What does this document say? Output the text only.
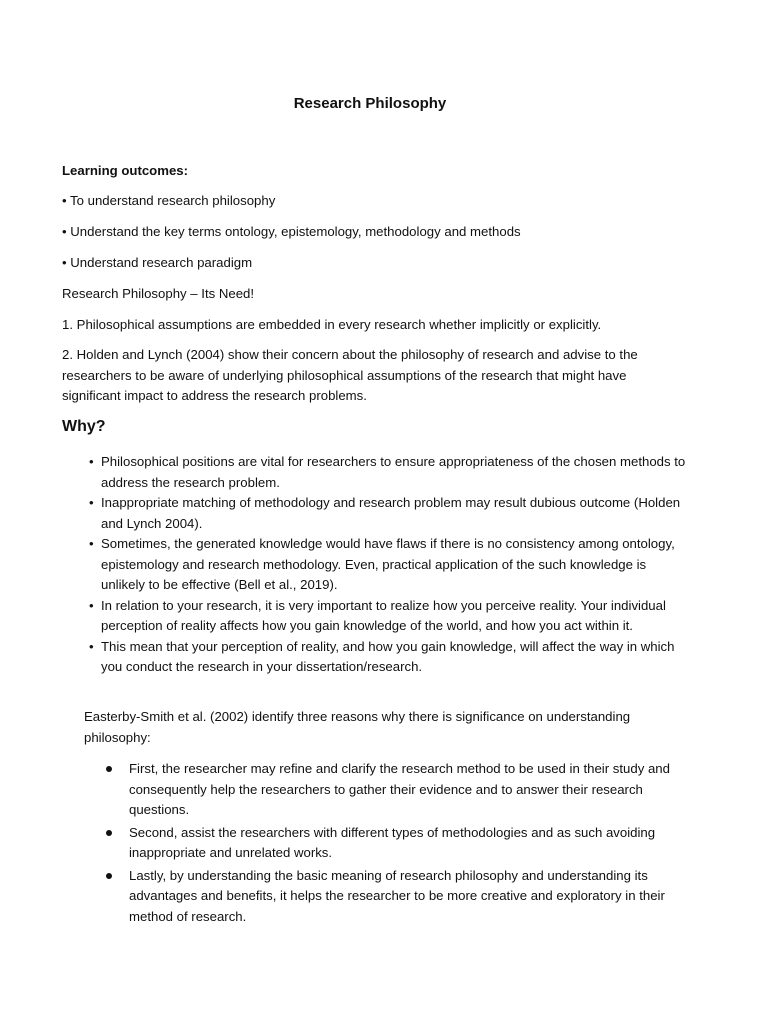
Research Philosophy

Learning outcomes:

• To understand research philosophy

• Understand the key terms ontology, epistemology, methodology and methods

• Understand research paradigm

Research Philosophy – Its Need!

1. Philosophical assumptions are embedded in every research whether implicitly or explicitly.

2. Holden and Lynch (2004) show their concern about the philosophy of research and advise to the researchers to be aware of underlying philosophical assumptions of the research that might have significant impact to address the research problems.

Why?
• Philosophical positions are vital for researchers to ensure appropriateness of the chosen methods to address the research problem.
• Inappropriate matching of methodology and research problem may result dubious outcome (Holden and Lynch 2004).
• Sometimes, the generated knowledge would have flaws if there is no consistency among ontology, epistemology and research methodology. Even, practical application of the such knowledge is unlikely to be effective (Bell et al., 2019).
• In relation to your research, it is very important to realize how you perceive reality. Your individual perception of reality affects how you gain knowledge of the world, and how you act within it.
• This mean that your perception of reality, and how you gain knowledge, will affect the way in which you conduct the research in your dissertation/research.

Easterby-Smith et al. (2002) identify three reasons why there is significance on understanding philosophy:

First, the researcher may refine and clarify the research method to be used in their study and consequently help the researchers to gather their evidence and to answer their research questions.
Second, assist the researchers with different types of methodologies and as such avoiding inappropriate and unrelated works.
Lastly, by understanding the basic meaning of research philosophy and understanding its advantages and benefits, it helps the researcher to be more creative and exploratory in their method of research.
